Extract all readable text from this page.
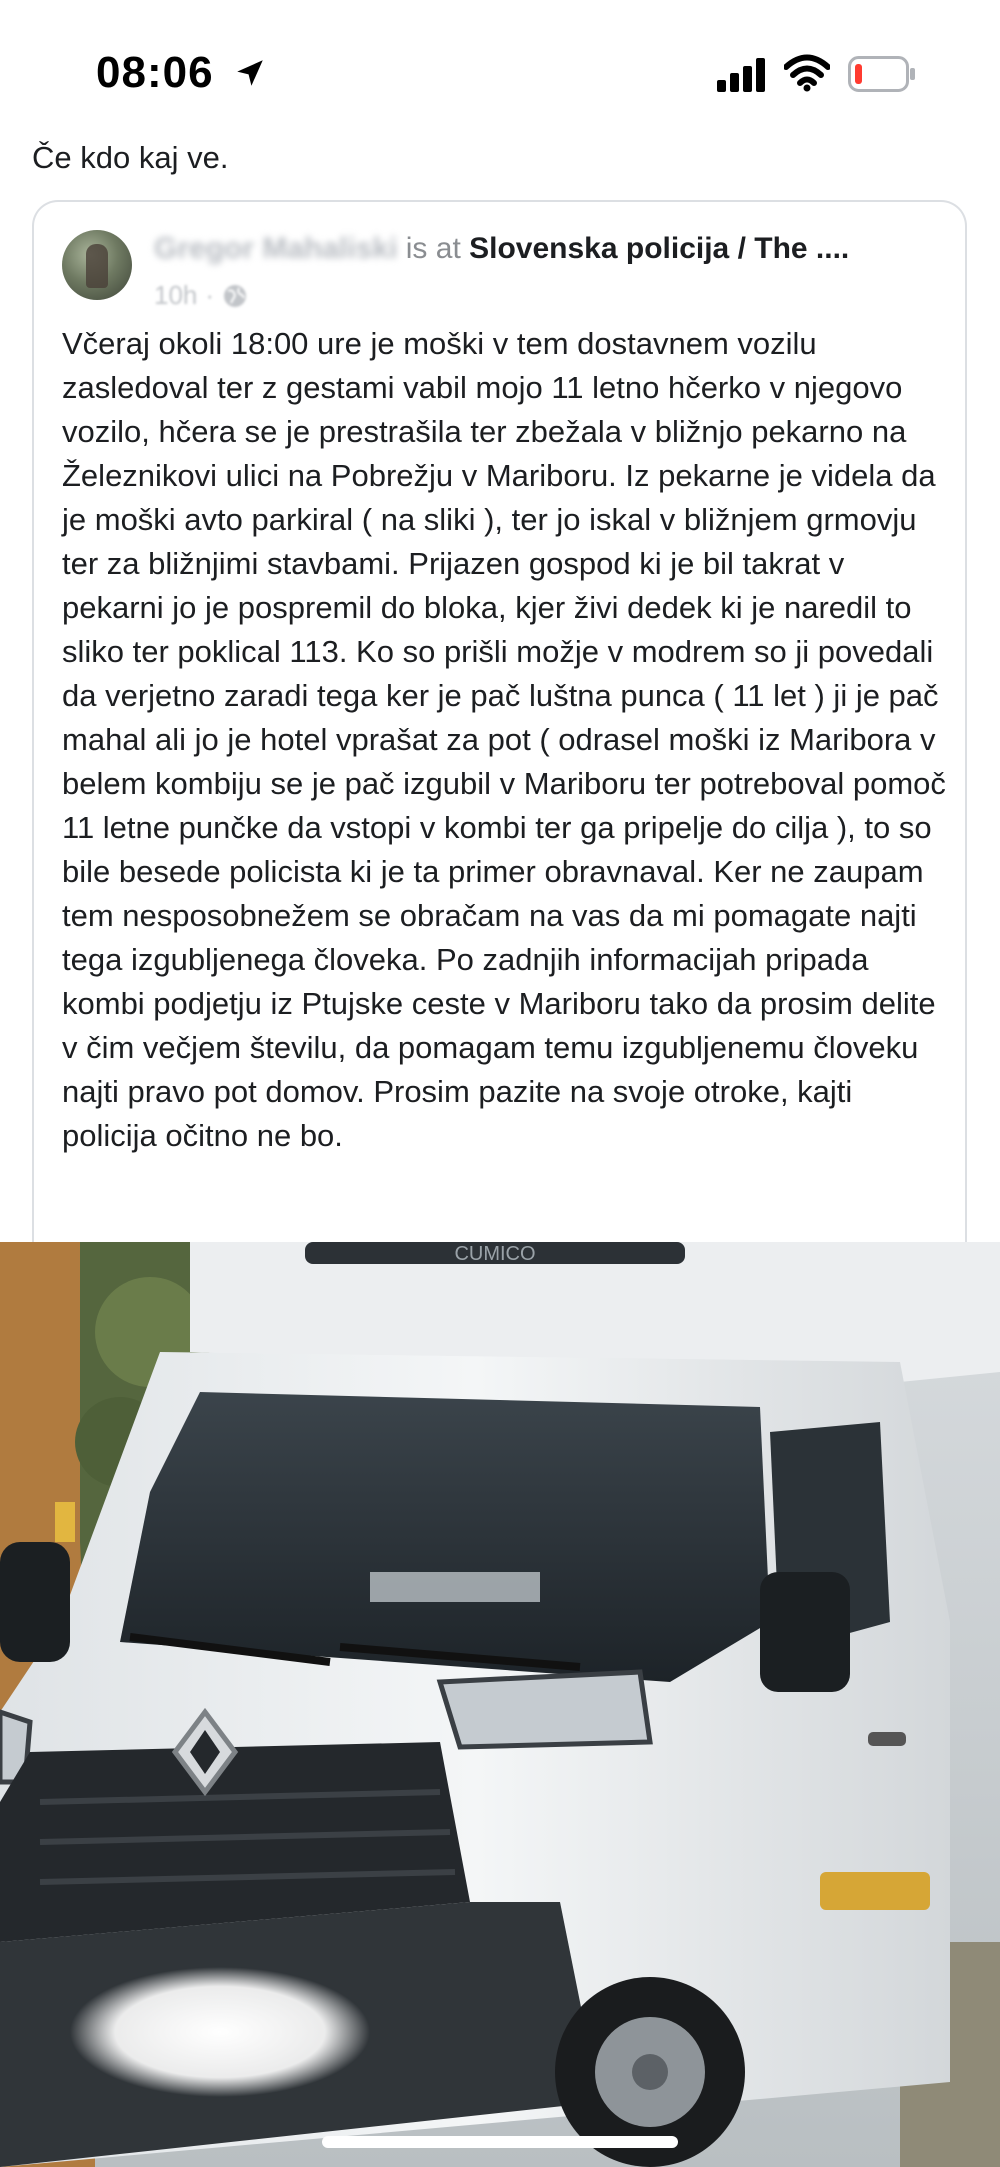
08:06
Če kdo kaj ve.
Gregor Mahaliski is at Slovenska policija / The ....
10h ·
Včeraj okoli 18:00 ure je moški v tem dostavnem vozilu zasledoval ter z gestami vabil mojo 11 letno hčerko v njegovo vozilo, hčera se je prestrašila ter zbežala v bližnjo pekarno na Železnikovi ulici na Pobrežju v Mariboru. Iz pekarne je videla da je moški avto parkiral ( na sliki ), ter jo iskal v bližnjem grmovju ter za bližnjimi stavbami. Prijazen gospod ki je bil takrat v pekarni jo je pospremil do bloka, kjer živi dedek ki je naredil to sliko ter poklical 113. Ko so prišli možje v modrem so ji povedali da verjetno zaradi tega ker je pač luštna punca ( 11 let ) ji je pač mahal ali jo je hotel vprašat za pot ( odrasel moški iz Maribora v belem kombiju se je pač izgubil v Mariboru ter potreboval pomoč 11 letne punčke da vstopi v kombi ter ga pripelje do cilja ), to so bile besede policista ki je ta primer obravnaval. Ker ne zaupam tem nesposobnežem se obračam na vas da mi pomagate najti tega izgubljenega človeka. Po zadnjih informacijah pripada kombi podjetju iz Ptujske ceste v Mariboru tako da prosim delite v čim večjem številu, da pomagam temu izgubljenemu človeku najti pravo pot domov. Prosim pazite na svoje otroke, kajti policija očitno ne bo.
CUMICO
